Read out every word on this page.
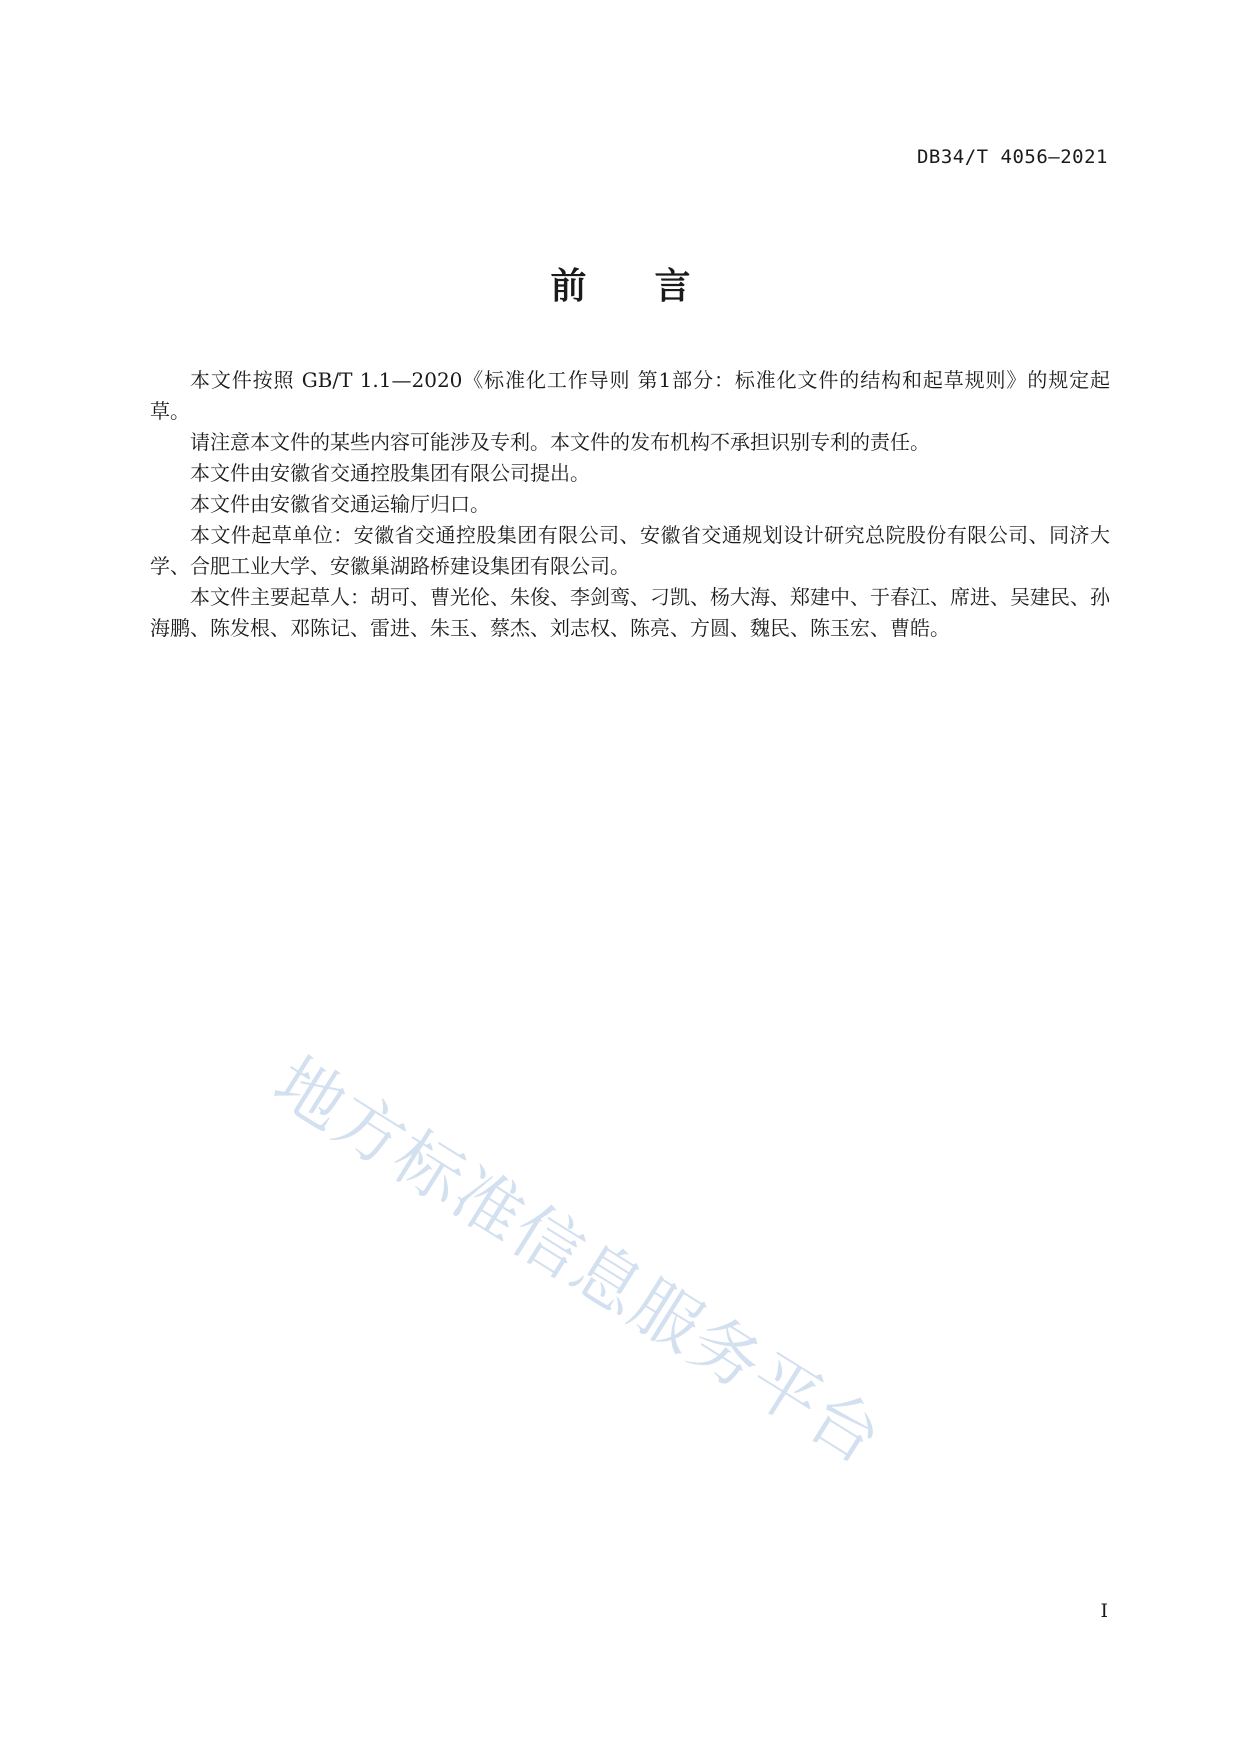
DB34/T 4056—2021
前 言

本文件按照 GB/T 1.1—2020《标准化工作导则 第1部分：标准化文件的结构和起草规则》的规定起草。

请注意本文件的某些内容可能涉及专利。本文件的发布机构不承担识别专利的责任。

本文件由安徽省交通控股集团有限公司提出。

本文件由安徽省交通运输厅归口。

本文件起草单位：安徽省交通控股集团有限公司、安徽省交通规划设计研究总院股份有限公司、同济大学、合肥工业大学、安徽巢湖路桥建设集团有限公司。

本文件主要起草人：胡可、曹光伦、朱俊、李剑鸾、刁凯、杨大海、郑建中、于春江、席进、吴建民、孙海鹏、陈发根、邓陈记、雷进、朱玉、蔡杰、刘志权、陈亮、方圆、魏民、陈玉宏、曹皓。

地方标准信息服务平台
I
